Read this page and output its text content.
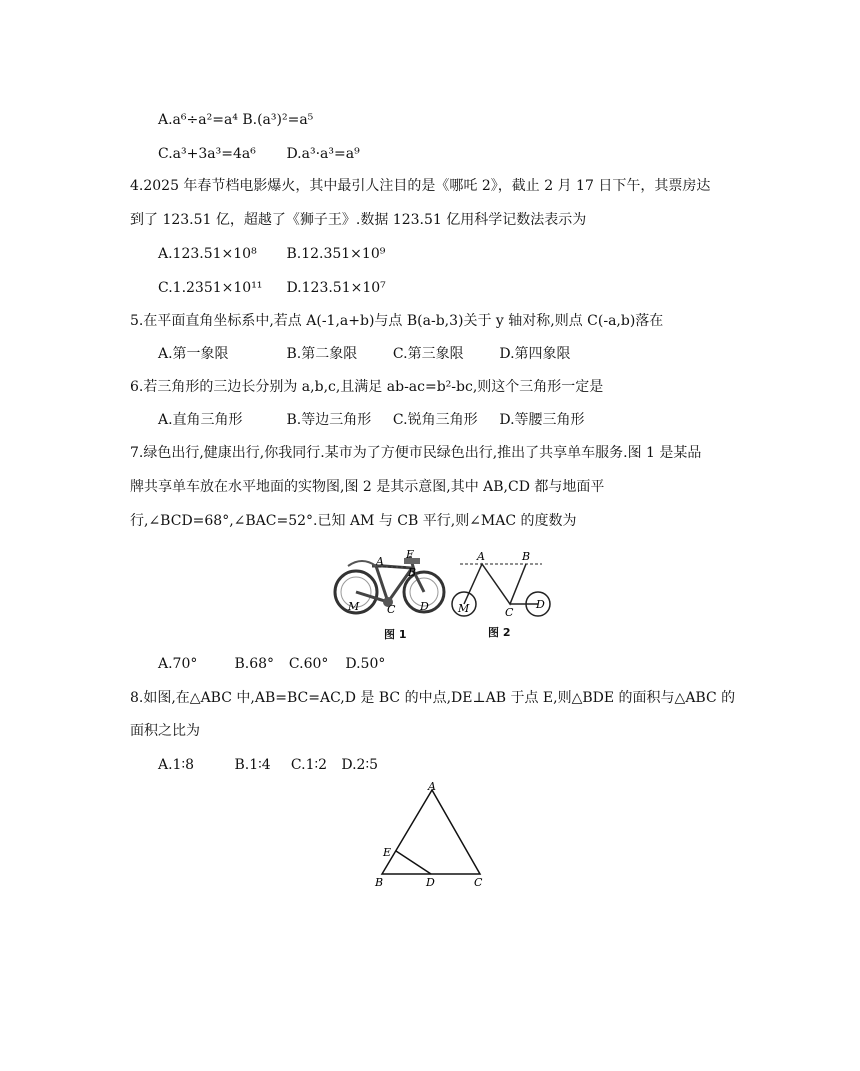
A.a⁶÷a²=a⁴ B.(a³)²=a⁵
C.a³+3a³=4a⁶ D.a³·a³=a⁹
4.2025 年春节档电影爆火，其中最引人注目的是《哪吒 2》，截止 2 月 17 日下午，其票房达
到了 123.51 亿，超越了《狮子王》.数据 123.51 亿用科学记数法表示为
A.123.51×10⁸ B.12.351×10⁹
C.1.2351×10¹¹ D.123.51×10⁷
5.在平面直角坐标系中,若点 A(-1,a+b)与点 B(a-b,3)关于 y 轴对称,则点 C(-a,b)落在
A.第一象限	B.第二象限	C.第三象限	D.第四象限
6.若三角形的三边长分别为 a,b,c,且满足 ab-ac=b²-bc,则这个三角形一定是
A.直角三角形	B.等边三角形 C.锐角三角形 D.等腰三角形
7.绿色出行,健康出行,你我同行.某市为了方便市民绿色出行,推出了共享单车服务.图 1 是某品
牌共享单车放在水平地面的实物图,图 2 是其示意图,其中 AB,CD 都与地面平
行,∠BCD=68°,∠BAC=52°.已知 AM 与 CB 平行,则∠MAC 的度数为
A
F
B
M	C D
图 1
A	B
M	C
D
图 2
A.70°	B.68° C.60° D.50°
8.如图,在△ABC 中,AB=BC=AC,D 是 BC 的中点,DE⊥AB 于点 E,则△BDE 的面积与△ABC 的
面积之比为
A.1∶8	B.1∶4 C.1∶2 D.2∶5
A
B	C
D
E
